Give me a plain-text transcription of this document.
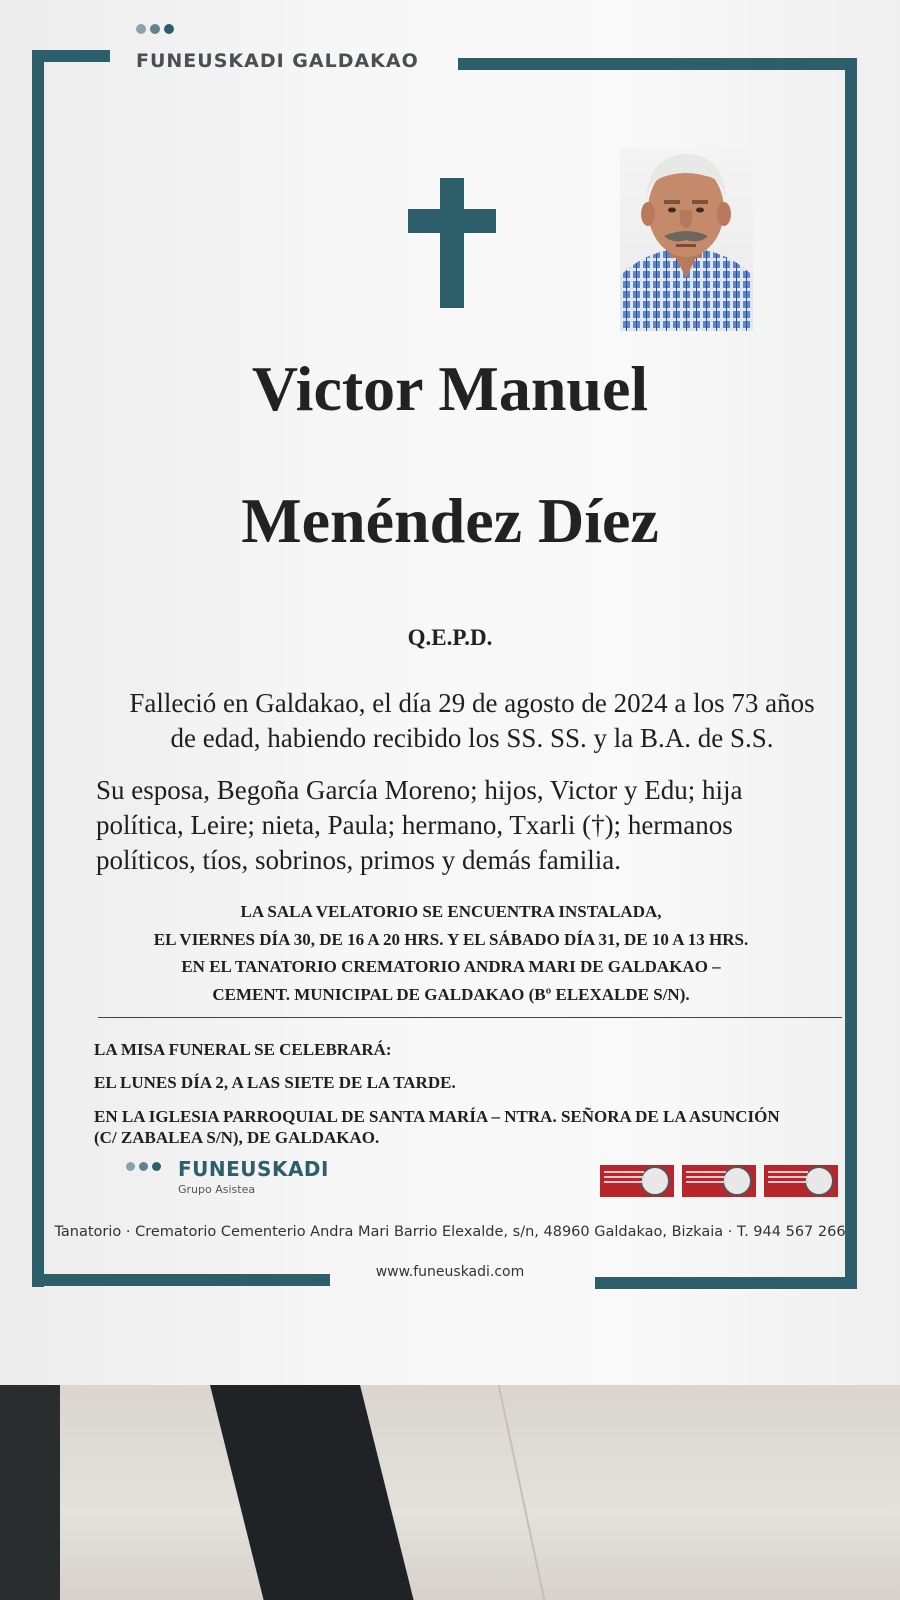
FUNEUSKADI GALDAKAO
Victor Manuel
Menéndez Díez
Q.E.P.D.
Falleció en Galdakao, el día 29 de agosto de 2024 a los 73 años
de edad, habiendo recibido los SS. SS. y la B.A. de S.S.
Su esposa, Begoña García Moreno; hijos, Victor y Edu; hija
política, Leire; nieta, Paula; hermano, Txarli (†); hermanos
políticos, tíos, sobrinos, primos y demás familia.
LA SALA VELATORIO SE ENCUENTRA INSTALADA,
EL VIERNES DÍA 30, DE 16 A 20 HRS. Y EL SÁBADO DÍA 31, DE 10 A 13 HRS.
EN EL TANATORIO CREMATORIO ANDRA MARI DE GALDAKAO –
CEMENT. MUNICIPAL DE GALDAKAO (Bº ELEXALDE S/N).
LA MISA FUNERAL SE CELEBRARÁ:
EL LUNES DÍA 2, A LAS SIETE DE LA TARDE.
EN LA IGLESIA PARROQUIAL DE SANTA MARÍA – NTRA. SEÑORA DE LA ASUNCIÓN
(C/ ZABALEA S/N), DE GALDAKAO.
FUNEUSKADI
Grupo Asistea
Tanatorio · Crematorio Cementerio Andra Mari Barrio Elexalde, s/n, 48960 Galdakao, Bizkaia · T. 944 567 266
www.funeuskadi.com
